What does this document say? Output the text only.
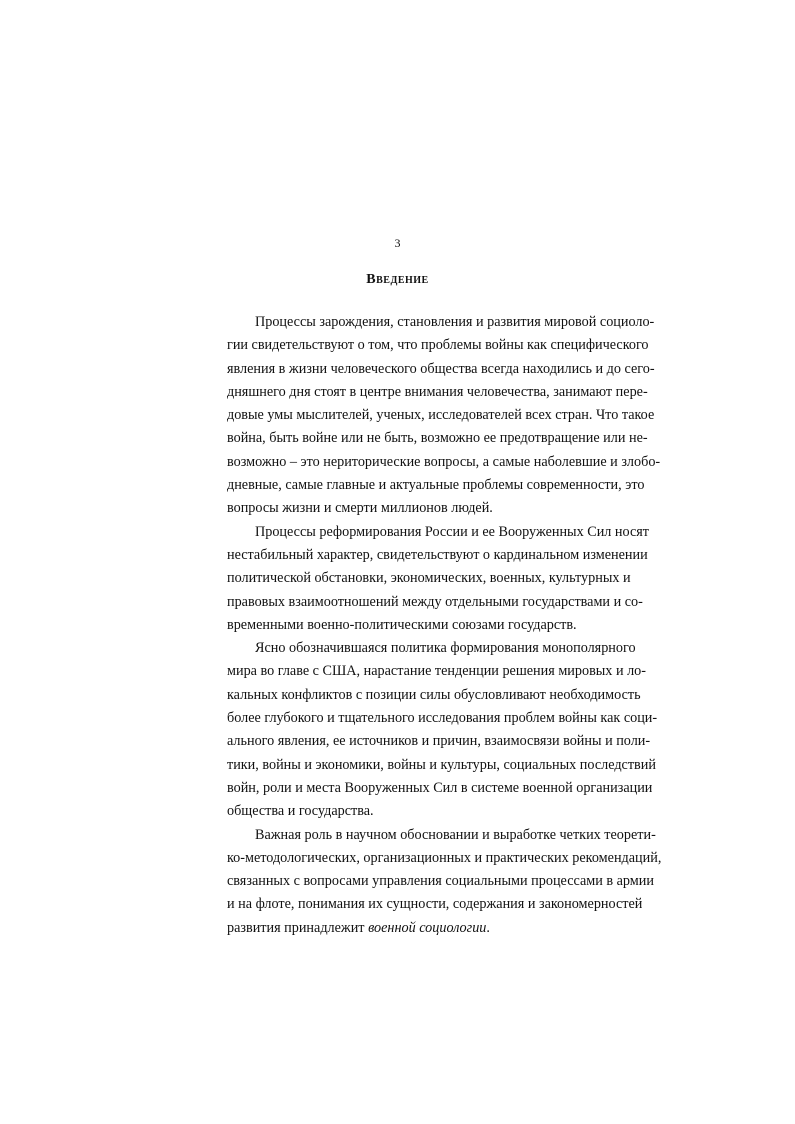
3
Введение
Процессы зарождения, становления и развития мировой социоло-
гии свидетельствуют о том, что проблемы войны как специфического
явления в жизни человеческого общества всегда находились и до сего-
дняшнего дня стоят в центре внимания человечества, занимают пере-
довые умы мыслителей, ученых, исследователей всех стран. Что такое
война, быть войне или не быть, возможно ее предотвращение или не-
возможно – это нериторические вопросы, а самые наболевшие и злобо-
дневные, самые главные и актуальные проблемы современности, это
вопросы жизни и смерти миллионов людей.
Процессы реформирования России и ее Вооруженных Сил носят
нестабильный характер, свидетельствуют о кардинальном изменении
политической обстановки, экономических, военных, культурных и
правовых взаимоотношений между отдельными государствами и со-
временными военно-политическими союзами государств.
Ясно обозначившаяся политика формирования монополярного
мира во главе с США, нарастание тенденции решения мировых и ло-
кальных конфликтов с позиции силы обусловливают необходимость
более глубокого и тщательного исследования проблем войны как соци-
ального явления, ее источников и причин, взаимосвязи войны и поли-
тики, войны и экономики, войны и культуры, социальных последствий
войн, роли и места Вооруженных Сил в системе военной организации
общества и государства.
Важная роль в научном обосновании и выработке четких теорети-
ко-методологических, организационных и практических рекомендаций,
связанных с вопросами управления социальными процессами в армии
и на флоте, понимания их сущности, содержания и закономерностей
развития принадлежит военной социологии.
